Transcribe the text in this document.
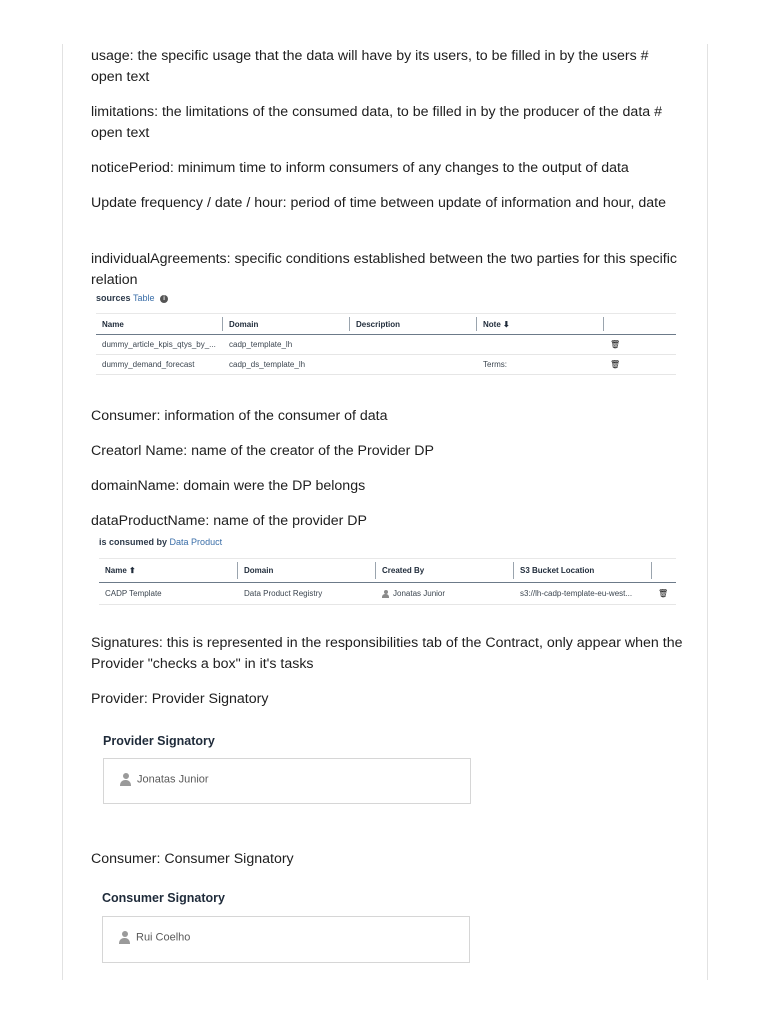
usage: the specific usage that the data will have by its users, to be filled in by the users # open text

limitations: the limitations of the consumed data, to be filled in by the producer of the data # open text

noticePeriod: minimum time to inform consumers of any changes to the output of data

Update frequency / date / hour: period of time between update of information and hour, date

individualAgreements: specific conditions established between the two parties for this specific relation

sources Table i
Name	Domain	Description	Note ⬇

dummy_article_kpis_qtys_by_...	cadp_template_lh			🗑
dummy_demand_forecast	cadp_ds_template_lh		Terms:	🗑

Consumer: information of the consumer of data

Creatorl Name: name of the creator of the Provider DP

domainName: domain were the DP belongs

dataProductName: name of the provider DP

is consumed by Data Product
Name ⬆	Domain	Created By	S3 Bucket Location

CADP Template	Data Product Registry	Jonatas Junior	s3://lh-cadp-template-eu-west...	🗑

Signatures: this is represented in the responsibilities tab of the Contract, only appear when the Provider "checks a box" in it's tasks

Provider: Provider Signatory

Provider Signatory
Jonatas Junior

Consumer: Consumer Signatory

Consumer Signatory
Rui Coelho
